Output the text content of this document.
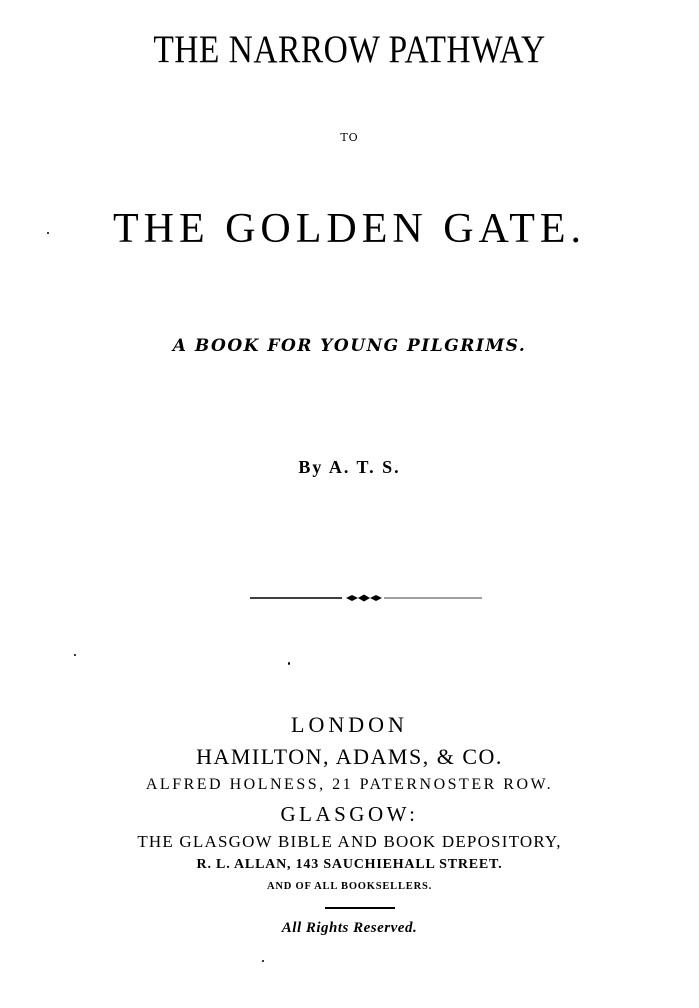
THE NARROW PATHWAY
TO
THE GOLDEN GATE.
A BOOK FOR YOUNG PILGRIMS.
By A. T. S.
LONDON
HAMILTON, ADAMS, & CO.
ALFRED HOLNESS, 21 PATERNOSTER ROW.
GLASGOW:
THE GLASGOW BIBLE AND BOOK DEPOSITORY,
R. L. ALLAN, 143 SAUCHIEHALL STREET.
AND OF ALL BOOKSELLERS.
All Rights Reserved.
